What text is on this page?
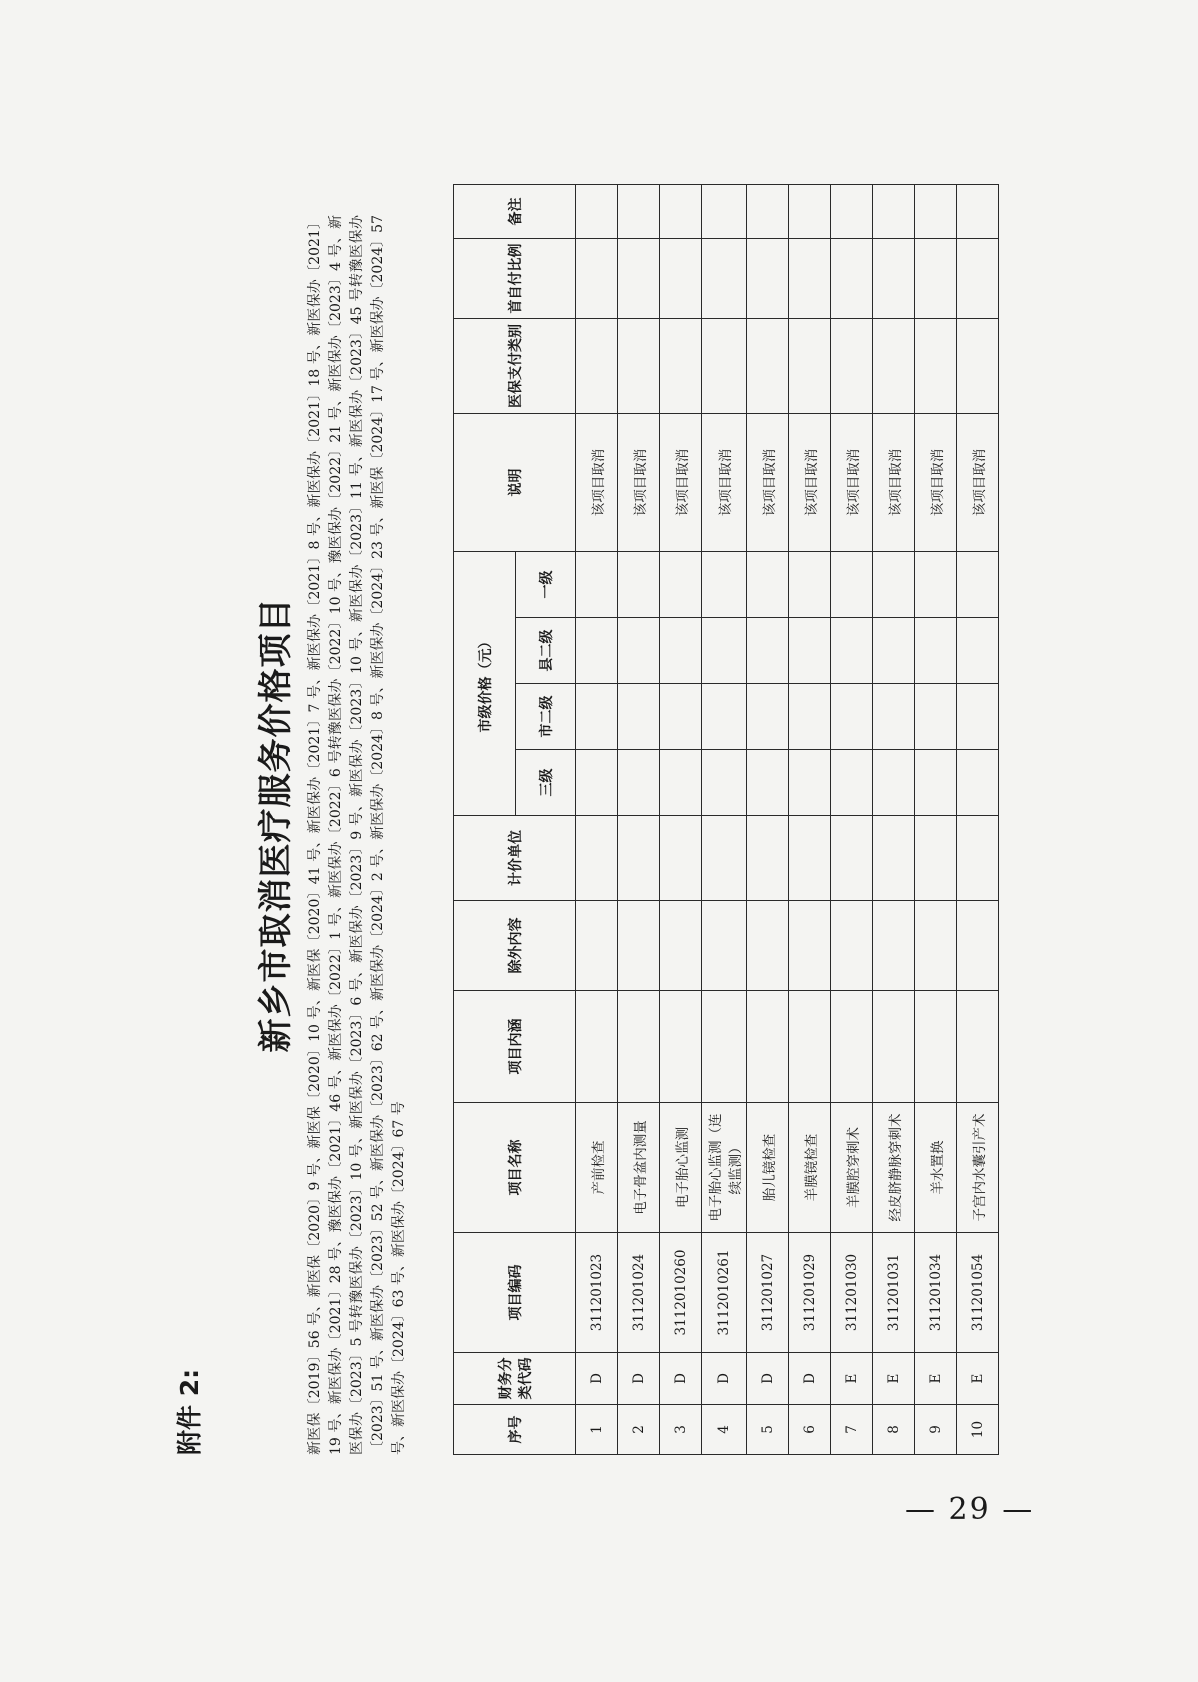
附件 2:
新乡市取消医疗服务价格项目 新医保〔2019〕56 号、新医保〔2020〕9 号、新医保〔2020〕10 号、新医保〔2020〕41 号、新医保办〔2021〕7 号、新医保办〔2021〕8 号、新医保办〔2021〕18 号、新医保办〔2021〕19 号、新医保办〔2021〕28 号、豫医保办〔2021〕46 号、新医保办〔2022〕1 号、新医保办〔2022〕6 号转豫医保办〔2022〕10 号、豫医保办〔2022〕21 号、新医保办〔2023〕4 号、新医保办〔2023〕5 号转豫医保办〔2023〕10 号、新医保办〔2023〕6 号、新医保办〔2023〕9 号、新医保办〔2023〕10 号、新医保办〔2023〕11 号、新医保办〔2023〕45 号转豫医保办〔2023〕51 号、新医保办〔2023〕52 号、新医保办〔2023〕62 号、新医保办〔2024〕2 号、新医保办〔2024〕8 号、新医保办〔2024〕23 号、新医保〔2024〕17 号、新医保办〔2024〕57 号、新医保办〔2024〕63 号、新医保办〔2024〕67 号	序号	财务分类代码	项目编码	项目名称	项目内涵	除外内容	计价单位	市级价格（元）				说明	医保支付类别	首自付比例	备注
							三级	市二级	县二级	一级				
1	D	311201023	产前检查								该项目取消			
2	D	311201024	电子骨盆内测量								该项目取消			
3	D	3112010260	电子胎心监测								该项目取消			
4	D	3112010261	电子胎心监测（连续监测）								该项目取消			
5	D	311201027	胎儿镜检查								该项目取消			
6	D	311201029	羊膜镜检查								该项目取消			
7	E	311201030	羊膜腔穿刺术								该项目取消			
8	E	311201031	经皮脐静脉穿刺术								该项目取消			
9	E	311201034	羊水置换								该项目取消			
10	E	311201054	子宫内水囊引产术								该项目取消			
— 29 —
